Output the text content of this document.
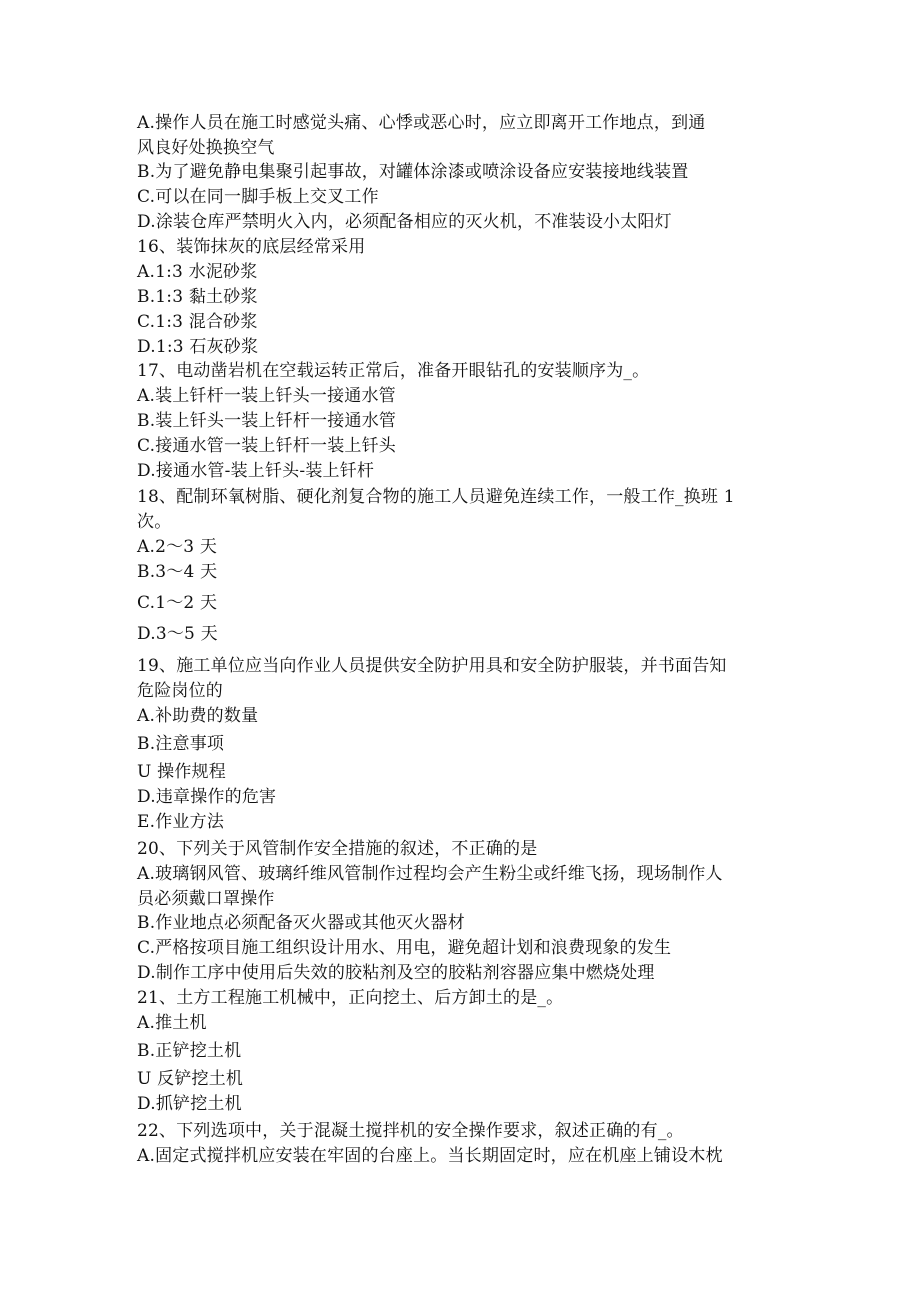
A.操作人员在施工时感觉头痛、心悸或恶心时，应立即离开工作地点，到通
风良好处换换空气
B.为了避免静电集聚引起事故，对罐体涂漆或喷涂设备应安装接地线装置
C.可以在同一脚手板上交叉工作
D.涂装仓库严禁明火入内，必须配备相应的灭火机，不准装设小太阳灯
16、装饰抹灰的底层经常采用
A.1:3 水泥砂浆
B.1:3 黏土砂浆
C.1:3 混合砂浆
D.1:3 石灰砂浆
17、电动凿岩机在空载运转正常后，准备开眼钻孔的安装顺序为_。
A.装上钎杆一装上钎头一接通水管
B.装上钎头一装上钎杆一接通水管
C.接通水管一装上钎杆一装上钎头
D.接通水管-装上钎头-装上钎杆
18、配制环氧树脂、硬化剂复合物的施工人员避免连续工作，一般工作_换班 1
次。
A.2～3 天
B.3～4 天
C.1～2 天
D.3～5 天
19、施工单位应当向作业人员提供安全防护用具和安全防护服装，并书面告知
危险岗位的
A.补助费的数量
B.注意事项
U 操作规程
D.违章操作的危害
E.作业方法
20、下列关于风管制作安全措施的叙述，不正确的是
A.玻璃钢风管、玻璃纤维风管制作过程均会产生粉尘或纤维飞扬，现场制作人
员必须戴口罩操作
B.作业地点必须配备灭火器或其他灭火器材
C.严格按项目施工组织设计用水、用电，避免超计划和浪费现象的发生
D.制作工序中使用后失效的胶粘剂及空的胶粘剂容器应集中燃烧处理
21、土方工程施工机械中，正向挖土、后方卸土的是_。
A.推土机
B.正铲挖土机
U 反铲挖土机
D.抓铲挖土机
22、下列选项中，关于混凝土搅拌机的安全操作要求，叙述正确的有_。
A.固定式搅拌机应安装在牢固的台座上。当长期固定时，应在机座上铺设木枕
